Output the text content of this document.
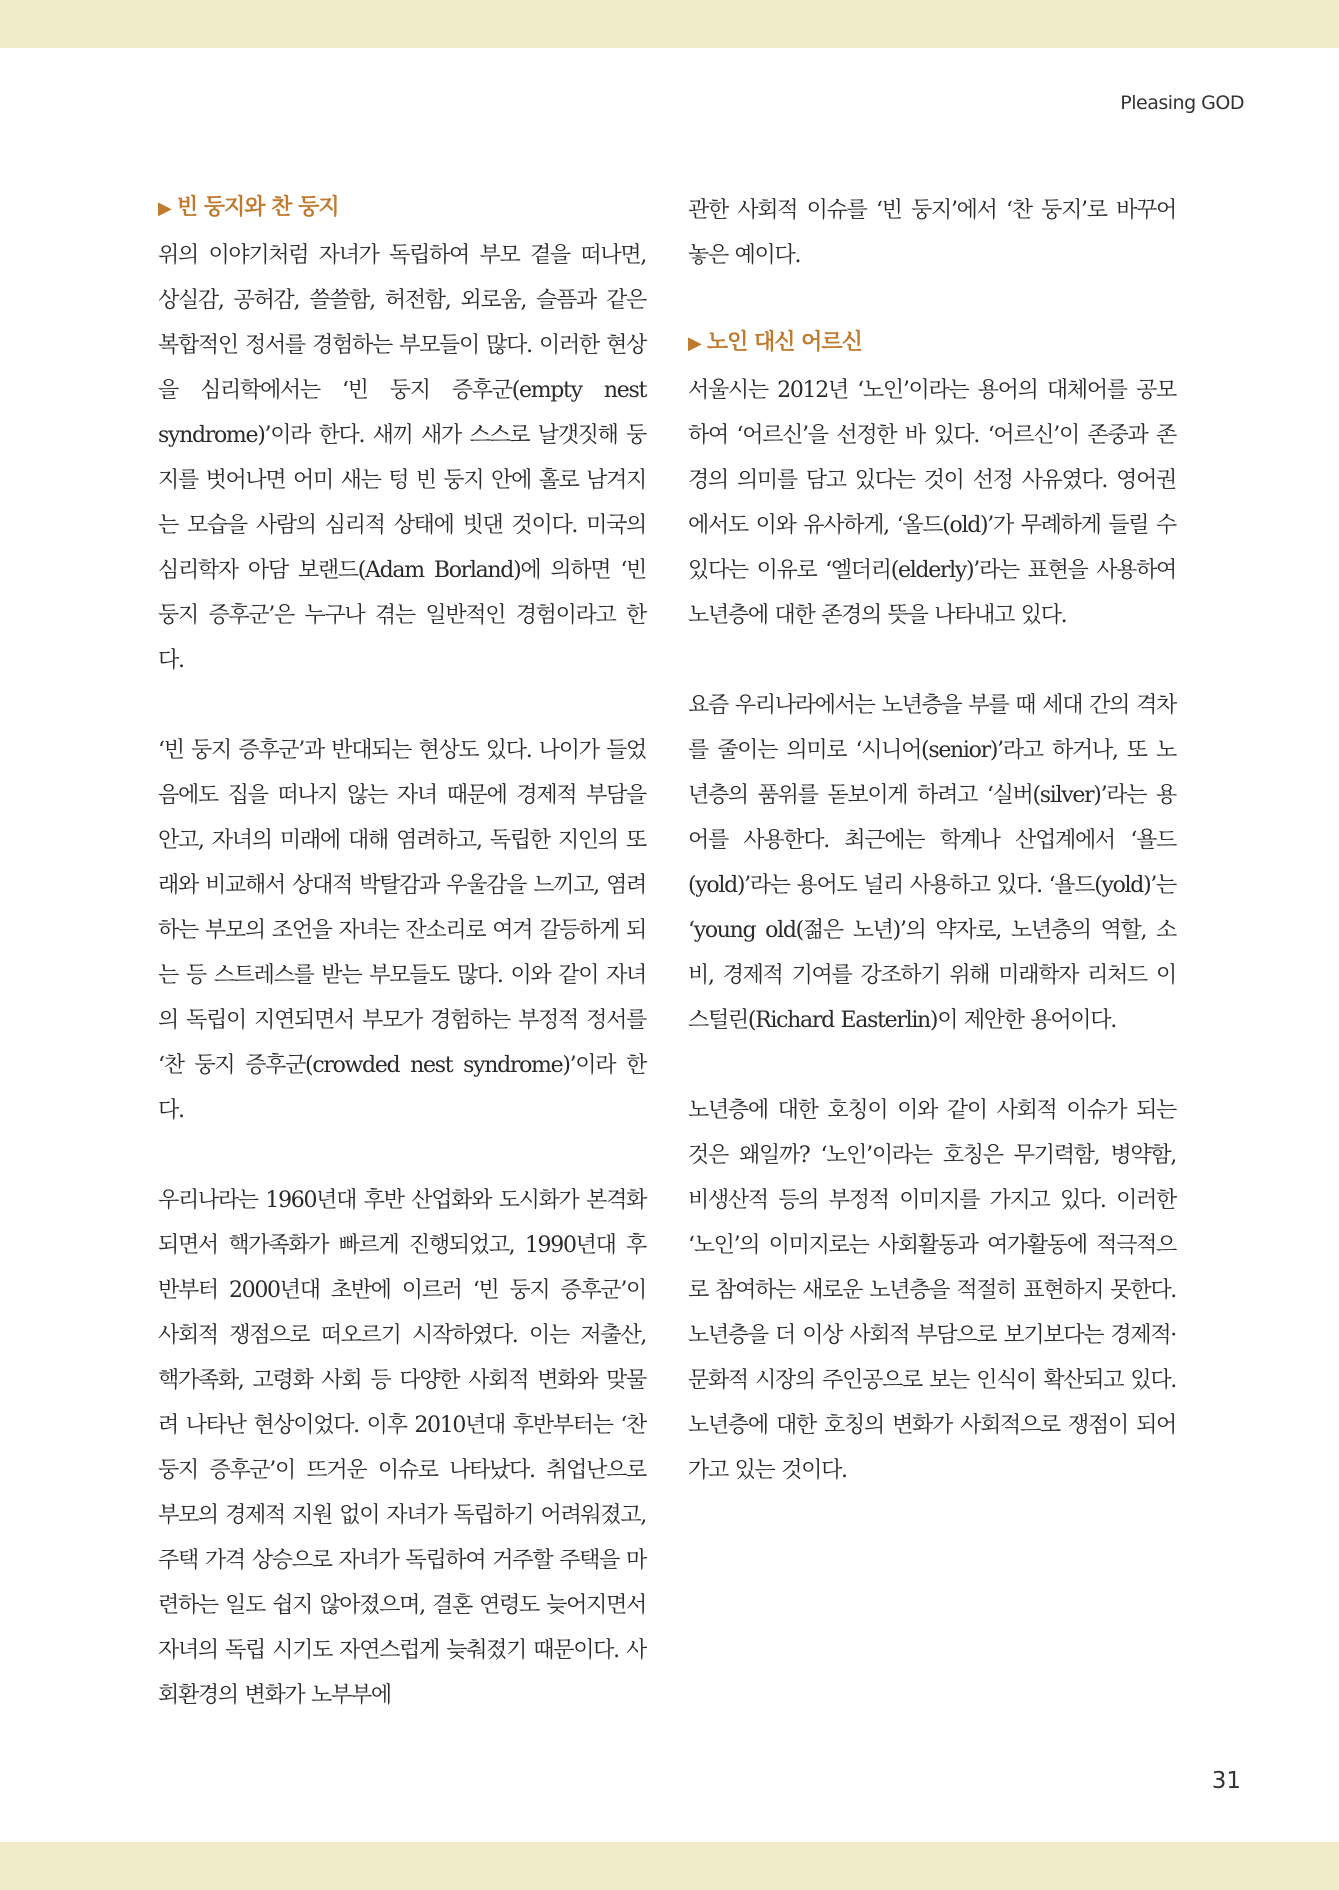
Pleasing GOD
▶ 빈 둥지와 찬 둥지

위의 이야기처럼 자녀가 독립하여 부모 곁을 떠나면, 상실감, 공허감, 쓸쓸함, 허전함, 외로움, 슬픔과 같은 복합적인 정서를 경험하는 부모들이 많다. 이러한 현상을 심리학에서는 ‘빈 둥지 증후군(empty nest syndrome)’이라 한다. 새끼 새가 스스로 날갯짓해 둥지를 벗어나면 어미 새는 텅 빈 둥지 안에 홀로 남겨지는 모습을 사람의 심리적 상태에 빗댄 것이다. 미국의 심리학자 아담 보랜드(Adam Borland)에 의하면 ‘빈 둥지 증후군’은 누구나 겪는 일반적인 경험이라고 한다.

‘빈 둥지 증후군’과 반대되는 현상도 있다. 나이가 들었음에도 집을 떠나지 않는 자녀 때문에 경제적 부담을 안고, 자녀의 미래에 대해 염려하고, 독립한 지인의 또래와 비교해서 상대적 박탈감과 우울감을 느끼고, 염려하는 부모의 조언을 자녀는 잔소리로 여겨 갈등하게 되는 등 스트레스를 받는 부모들도 많다. 이와 같이 자녀의 독립이 지연되면서 부모가 경험하는 부정적 정서를 ‘찬 둥지 증후군(crowded nest syndrome)’이라 한다.

우리나라는 1960년대 후반 산업화와 도시화가 본격화되면서 핵가족화가 빠르게 진행되었고, 1990년대 후반부터 2000년대 초반에 이르러 ‘빈 둥지 증후군’이 사회적 쟁점으로 떠오르기 시작하였다. 이는 저출산, 핵가족화, 고령화 사회 등 다양한 사회적 변화와 맞물려 나타난 현상이었다. 이후 2010년대 후반부터는 ‘찬 둥지 증후군’이 뜨거운 이슈로 나타났다. 취업난으로 부모의 경제적 지원 없이 자녀가 독립하기 어려워졌고, 주택 가격 상승으로 자녀가 독립하여 거주할 주택을 마련하는 일도 쉽지 않아졌으며, 결혼 연령도 늦어지면서 자녀의 독립 시기도 자연스럽게 늦춰졌기 때문이다. 사회환경의 변화가 노부부에

관한 사회적 이슈를 ‘빈 둥지’에서 ‘찬 둥지’로 바꾸어 놓은 예이다.

▶ 노인 대신 어르신

서울시는 2012년 ‘노인’이라는 용어의 대체어를 공모하여 ‘어르신’을 선정한 바 있다. ‘어르신’이 존중과 존경의 의미를 담고 있다는 것이 선정 사유였다. 영어권에서도 이와 유사하게, ‘올드(old)’가 무례하게 들릴 수 있다는 이유로 ‘엘더리(elderly)’라는 표현을 사용하여 노년층에 대한 존경의 뜻을 나타내고 있다.

요즘 우리나라에서는 노년층을 부를 때 세대 간의 격차를 줄이는 의미로 ‘시니어(senior)’라고 하거나, 또 노년층의 품위를 돋보이게 하려고 ‘실버(silver)’라는 용어를 사용한다. 최근에는 학계나 산업계에서 ‘욜드(yold)’라는 용어도 널리 사용하고 있다. ‘욜드(yold)’는 ‘young old(젊은 노년)’의 약자로, 노년층의 역할, 소비, 경제적 기여를 강조하기 위해 미래학자 리처드 이스털린(Richard Easterlin)이 제안한 용어이다.

노년층에 대한 호칭이 이와 같이 사회적 이슈가 되는 것은 왜일까? ‘노인’이라는 호칭은 무기력함, 병약함, 비생산적 등의 부정적 이미지를 가지고 있다. 이러한 ‘노인’의 이미지로는 사회활동과 여가활동에 적극적으로 참여하는 새로운 노년층을 적절히 표현하지 못한다. 노년층을 더 이상 사회적 부담으로 보기보다는 경제적·문화적 시장의 주인공으로 보는 인식이 확산되고 있다. 노년층에 대한 호칭의 변화가 사회적으로 쟁점이 되어 가고 있는 것이다.

31
